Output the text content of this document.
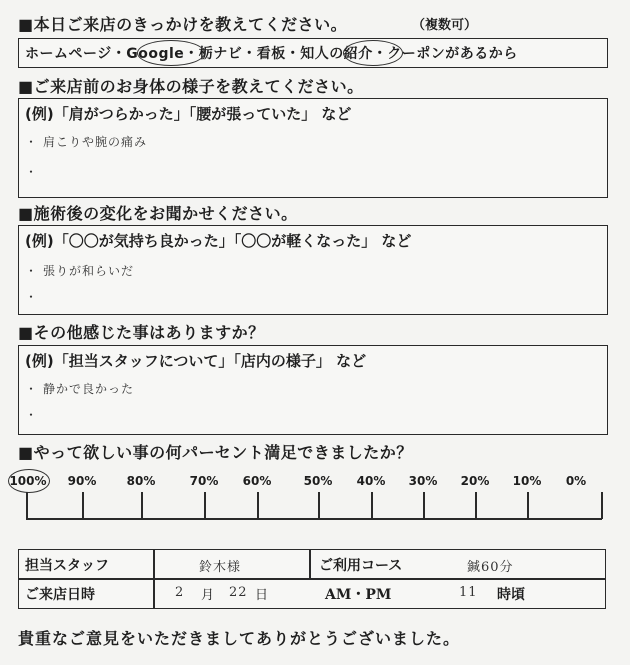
■本日ご来店のきっかけを教えてください。	（複数可）
ホームページ・Google・栃ナビ・看板・知人の紹介・クーポンがあるから
■ご来店前のお身体の様子を教えてください。
(例)「肩がつらかった」「腰が張っていた」 など
・ 肩こりや腕の痛み
・
■施術後の変化をお聞かせください。
(例)「〇〇が気持ち良かった」「〇〇が軽くなった」 など
・ 張りが和らいだ
・
■その他感じた事はありますか？
(例)「担当スタッフについて」「店内の様子」 など
・ 静かで良かった
・
■やって欲しい事の何パーセント満足できましたか？
100%	90%	80%	70%	60%	50%	40%	30%	20%	10%	0%
担当スタッフ	鈴木様	ご利用コース	鍼60分
ご来店日時	2 月 22 日	AM・PM	11 時頃
貴重なご意見をいただきましてありがとうございました。
